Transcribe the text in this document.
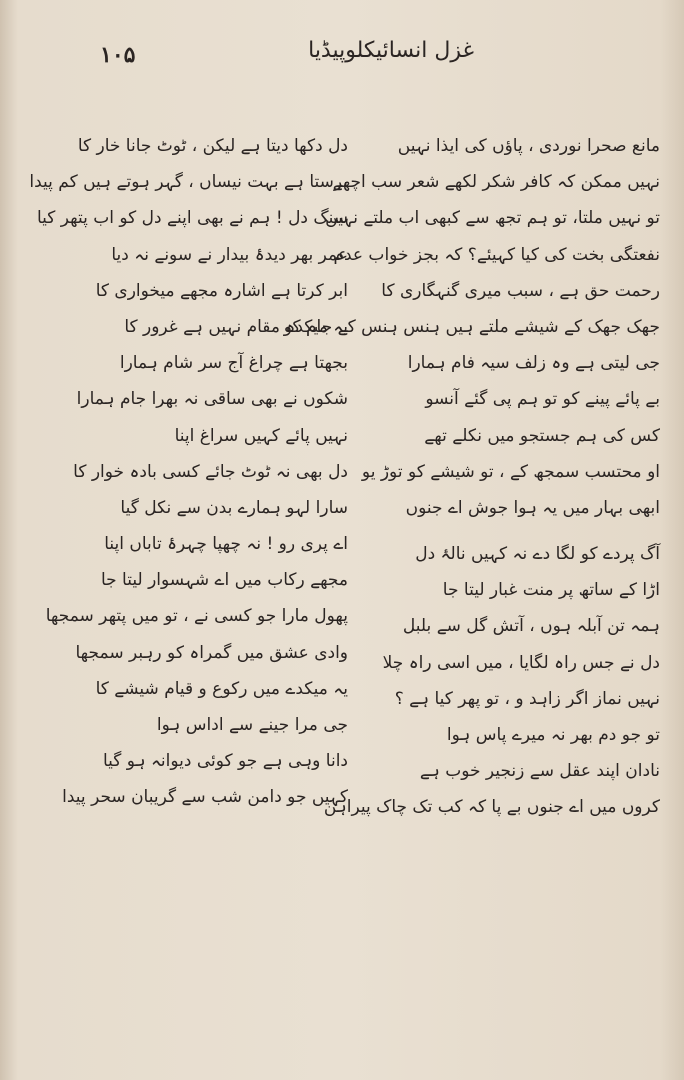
۱۰۵	غزل انسائیکلوپیڈیا
مانع صحرا نوردی ، پاؤں کی ایذا نہیں
نہیں ممکن کہ کافر شکر لکھے شعر سب اچھے
تو نہیں ملتا، تو ہم تجھ سے کبھی اب ملتے نہیں
نفعتگی بخت کی کیا کہیئے؟ کہ بجز خواب عدم
رحمت حق ہے ، سبب میری گنہگاری کا
جھک جھک کے شیشے ملتے ہیں ہنس ہنس کے جام کو
جی لیتی ہے وہ زلف سیہ فام ہمارا
بے پائے پینے کو تو ہم پی گئے آنسو
کس کی ہم جستجو میں نکلے تھے
او محتسب سمجھ کے ، تو شیشے کو توڑ یو
ابھی بہار میں یہ ہوا جوش اے جنوں
آگ پردے کو لگا دے نہ کہیں نالۂ دل
اڑا کے ساتھ پر منت غبار لیتا جا
ہمہ تن آبلہ ہوں ، آتش گل سے بلبل
دل نے جس راہ لگایا ، میں اسی راہ چلا
نہیں نماز اگر زاہد و ، تو پھر کیا ہے ؟
تو جو دم بھر نہ میرے پاس ہوا
نادان اپند عقل سے زنجیر خوب ہے
کروں میں اے جنوں بے پا کہ کب تک چاک پیراہن
دل دکھا دیتا ہے لیکن ، ٹوٹ جانا خار کا
برستا ہے بہت نیساں ، گہر ہوتے ہیں کم پیدا
سنگ دل ! ہم نے بھی اپنے دل کو اب پتھر کیا
عمر بھر دیدۂ بیدار نے سونے نہ دیا
ابر کرتا ہے اشارہ مجھے میخواری کا
یہ میکدہ مقام نہیں ہے غرور کا
بجھتا ہے چراغ آج سر شام ہمارا
شکوں نے بھی ساقی نہ بھرا جام ہمارا
نہیں پائے کہیں سراغ اپنا
دل بھی نہ ٹوٹ جائے کسی بادہ خوار کا
سارا لہو ہمارے بدن سے نکل گیا
اے پری رو ! نہ چھپا چہرۂ تاباں اپنا
مجھے رکاب میں اے شہسوار لیتا جا
پھول مارا جو کسی نے ، تو میں پتھر سمجھا
وادی عشق میں گمراہ کو رہبر سمجھا
یہ میکدے میں رکوع و قیام شیشے کا
جی مرا جینے سے اداس ہوا
دانا وہی ہے جو کوئی دیوانہ ہو گیا
کہیں جو دامن شب سے گریبان سحر پیدا
